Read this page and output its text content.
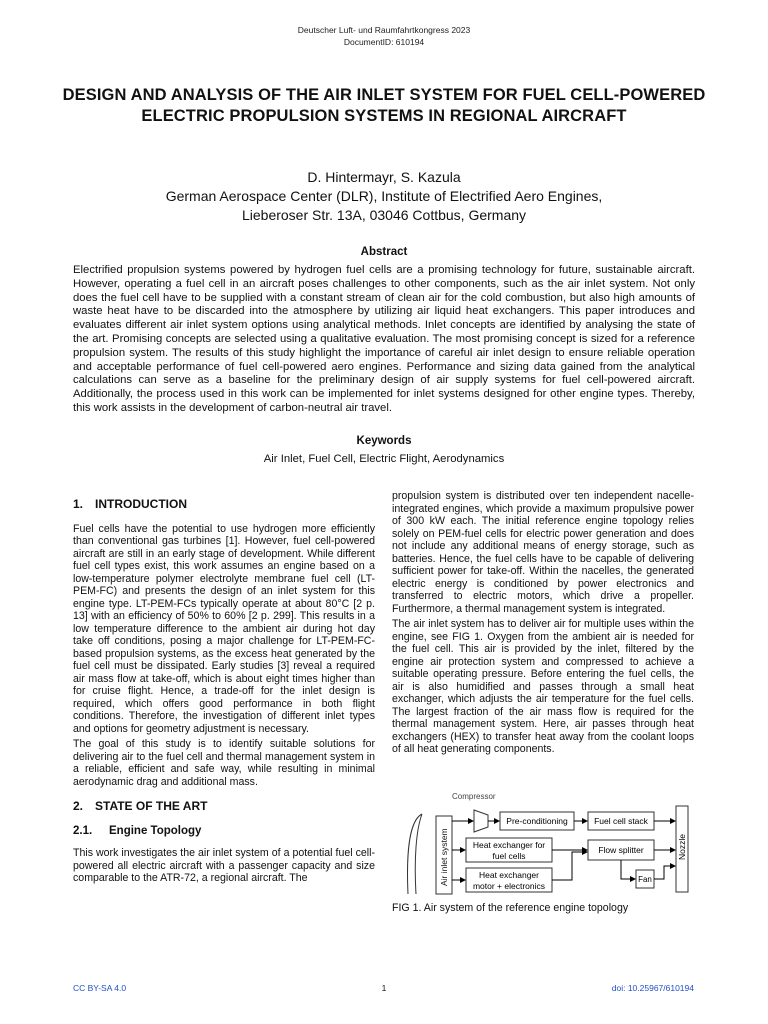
Deutscher Luft- und Raumfahrtkongress 2023
DocumentID: 610194
DESIGN AND ANALYSIS OF THE AIR INLET SYSTEM FOR FUEL CELL-POWERED ELECTRIC PROPULSION SYSTEMS IN REGIONAL AIRCRAFT
D. Hintermayr, S. Kazula
German Aerospace Center (DLR), Institute of Electrified Aero Engines,
Lieberoser Str. 13A, 03046 Cottbus, Germany
Abstract

Electrified propulsion systems powered by hydrogen fuel cells are a promising technology for future, sustainable aircraft. However, operating a fuel cell in an aircraft poses challenges to other components, such as the air inlet system. Not only does the fuel cell have to be supplied with a constant stream of clean air for the cold combustion, but also high amounts of waste heat have to be discarded into the atmosphere by utilizing air liquid heat exchangers. This paper introduces and evaluates different air inlet system options using analytical methods. Inlet concepts are identified by analysing the state of the art. Promising concepts are selected using a qualitative evaluation. The most promising concept is sized for a reference propulsion system. The results of this study highlight the importance of careful air inlet design to ensure reliable operation and acceptable performance of fuel cell-powered aero engines. Performance and sizing data gained from the analytical calculations can serve as a baseline for the preliminary design of air supply systems for fuel cell-powered aircraft. Additionally, the process used in this work can be implemented for inlet systems designed for other engine types. Thereby, this work assists in the development of carbon-neutral air travel.

Keywords
Air Inlet, Fuel Cell, Electric Flight, Aerodynamics
1. INTRODUCTION

Fuel cells have the potential to use hydrogen more efficiently than conventional gas turbines [1]. However, fuel cell-powered aircraft are still in an early stage of development. While different fuel cell types exist, this work assumes an engine based on a low-temperature polymer electrolyte membrane fuel cell (LT-PEM-FC) and presents the design of an inlet system for this engine type. LT-PEM-FCs typically operate at about 80°C [2 p. 13] with an efficiency of 50% to 60% [2 p. 299]. This results in a low temperature difference to the ambient air during hot day take off conditions, posing a major challenge for LT-PEM-FC-based propulsion systems, as the excess heat generated by the fuel cell must be dissipated. Early studies [3] reveal a required air mass flow at take-off, which is about eight times higher than for cruise flight. Hence, a trade-off for the inlet design is required, which offers good performance in both flight conditions. Therefore, the investigation of different inlet types and options for geometry adjustment is necessary.

The goal of this study is to identify suitable solutions for delivering air to the fuel cell and thermal management system in a reliable, efficient and safe way, while resulting in minimal aerodynamic drag and additional mass.

2. STATE OF THE ART
2.1. Engine Topology

This work investigates the air inlet system of a potential fuel cell-powered all electric aircraft with a passenger capacity and size comparable to the ATR-72, a regional aircraft. The

propulsion system is distributed over ten independent nacelle-integrated engines, which provide a maximum propulsive power of 300 kW each. The initial reference engine topology relies solely on PEM-fuel cells for electric power generation and does not include any additional means of energy storage, such as batteries. Hence, the fuel cells have to be capable of delivering sufficient power for take-off. Within the nacelles, the generated electric energy is conditioned by power electronics and transferred to electric motors, which drive a propeller. Furthermore, a thermal management system is integrated.

The air inlet system has to deliver air for multiple uses within the engine, see FIG 1. Oxygen from the ambient air is needed for the fuel cell. This air is provided by the inlet, filtered by the engine air protection system and compressed to achieve a suitable operating pressure. Before entering the fuel cells, the air is also humidified and passes through a small heat exchanger, which adjusts the air temperature for the fuel cells. The largest fraction of the air mass flow is required for the thermal management system. Here, air passes through heat exchangers (HEX) to transfer heat away from the coolant loops of all heat generating components.

Air inlet system
Compressor
Pre-conditioning	Fuel cell stack
Heat exchanger for
fuel cells
Flow splitter
Heat exchanger
motor + electronics
Fan
Nozzle
FIG 1. Air system of the reference engine topology
CC BY-SA 4.0	1	doi: 10.25967/610194
